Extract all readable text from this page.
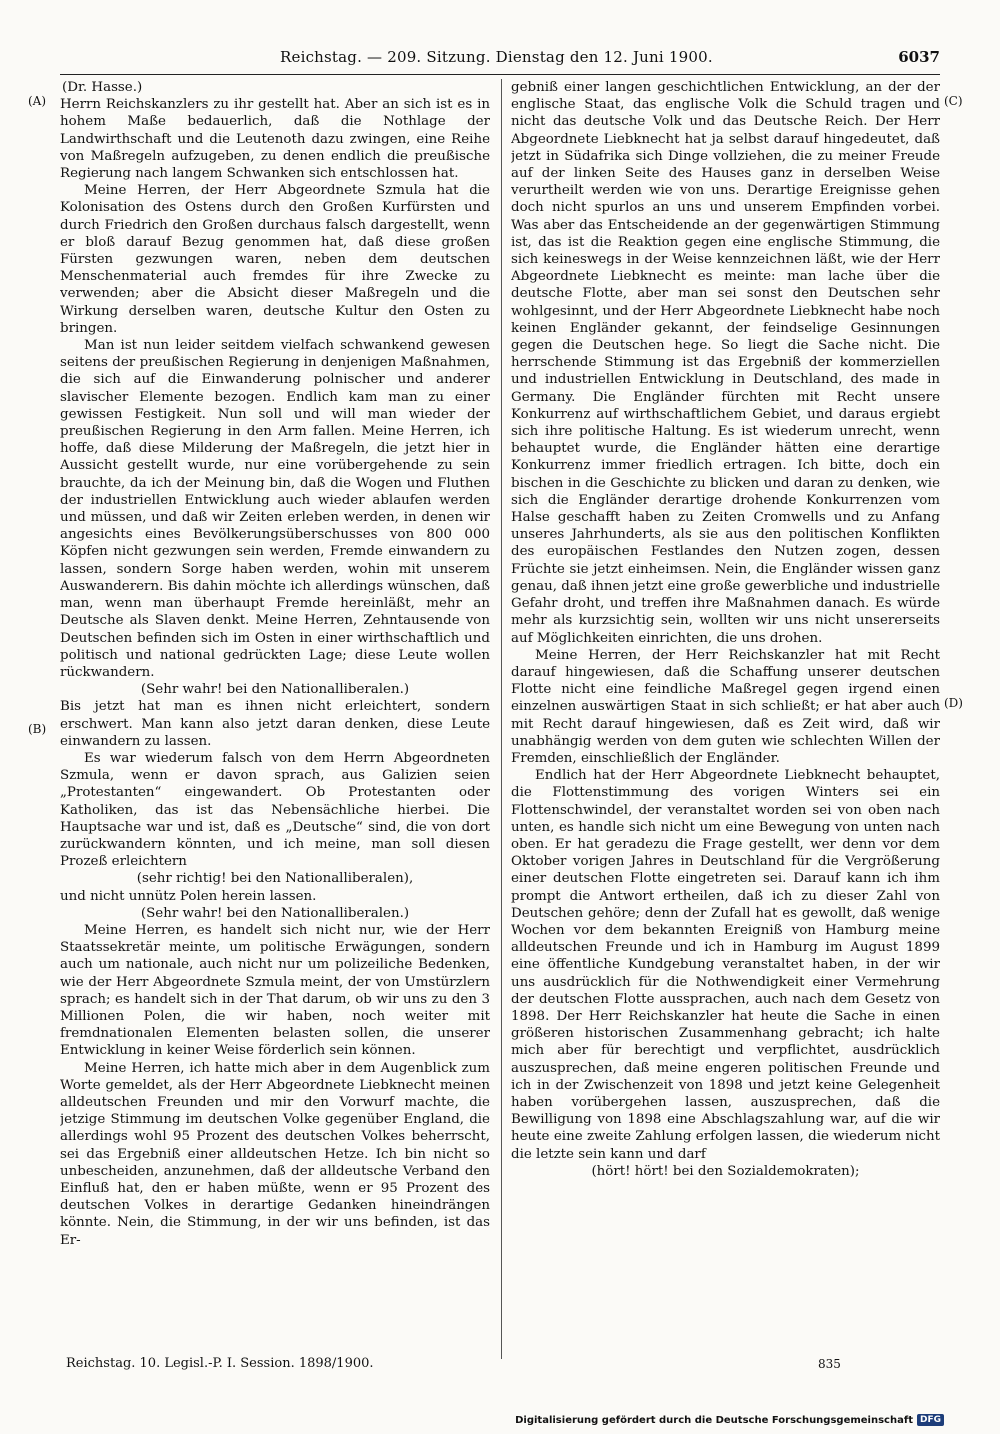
Reichstag. — 209. Sitzung. Dienstag den 12. Juni 1900.	6037
(A)
(B)
(C)
(D)
(Dr. Hasse.)

Herrn Reichskanzlers zu ihr gestellt hat. Aber an sich ist es in hohem Maße bedauerlich, daß die Nothlage der Landwirthschaft und die Leutenoth dazu zwingen, eine Reihe von Maßregeln aufzugeben, zu denen endlich die preußische Regierung nach langem Schwanken sich entschlossen hat.

Meine Herren, der Herr Abgeordnete Szmula hat die Kolonisation des Ostens durch den Großen Kurfürsten und durch Friedrich den Großen durchaus falsch dargestellt, wenn er bloß darauf Bezug genommen hat, daß diese großen Fürsten gezwungen waren, neben dem deutschen Menschenmaterial auch fremdes für ihre Zwecke zu verwenden; aber die Absicht dieser Maßregeln und die Wirkung derselben waren, deutsche Kultur den Osten zu bringen.

Man ist nun leider seitdem vielfach schwankend gewesen seitens der preußischen Regierung in denjenigen Maßnahmen, die sich auf die Einwanderung polnischer und anderer slavischer Elemente bezogen. Endlich kam man zu einer gewissen Festigkeit. Nun soll und will man wieder der preußischen Regierung in den Arm fallen. Meine Herren, ich hoffe, daß diese Milderung der Maßregeln, die jetzt hier in Aussicht gestellt wurde, nur eine vorübergehende zu sein brauchte, da ich der Meinung bin, daß die Wogen und Fluthen der industriellen Entwicklung auch wieder ablaufen werden und müssen, und daß wir Zeiten erleben werden, in denen wir angesichts eines Bevölkerungsüberschusses von 800 000 Köpfen nicht gezwungen sein werden, Fremde einwandern zu lassen, sondern Sorge haben werden, wohin mit unserem Auswanderern. Bis dahin möchte ich allerdings wünschen, daß man, wenn man überhaupt Fremde hereinläßt, mehr an Deutsche als Slaven denkt. Meine Herren, Zehntausende von Deutschen befinden sich im Osten in einer wirthschaftlich und politisch und national gedrückten Lage; diese Leute wollen rückwandern.

(Sehr wahr! bei den Nationalliberalen.)

Bis jetzt hat man es ihnen nicht erleichtert, sondern erschwert. Man kann also jetzt daran denken, diese Leute einwandern zu lassen.

Es war wiederum falsch von dem Herrn Abgeordneten Szmula, wenn er davon sprach, aus Galizien seien „Protestanten“ eingewandert. Ob Protestanten oder Katholiken, das ist das Nebensächliche hierbei. Die Hauptsache war und ist, daß es „Deutsche“ sind, die von dort zurückwandern könnten, und ich meine, man soll diesen Prozeß erleichtern

(sehr richtig! bei den Nationalliberalen),

und nicht unnütz Polen herein lassen.

(Sehr wahr! bei den Nationalliberalen.)

Meine Herren, es handelt sich nicht nur, wie der Herr Staatssekretär meinte, um politische Erwägungen, sondern auch um nationale, auch nicht nur um polizeiliche Bedenken, wie der Herr Abgeordnete Szmula meint, der von Umstürzlern sprach; es handelt sich in der That darum, ob wir uns zu den 3 Millionen Polen, die wir haben, noch weiter mit fremdnationalen Elementen belasten sollen, die unserer Entwicklung in keiner Weise förderlich sein können.

Meine Herren, ich hatte mich aber in dem Augenblick zum Worte gemeldet, als der Herr Abgeordnete Liebknecht meinen alldeutschen Freunden und mir den Vorwurf machte, die jetzige Stimmung im deutschen Volke gegenüber England, die allerdings wohl 95 Prozent des deutschen Volkes beherrscht, sei das Ergebniß einer alldeutschen Hetze. Ich bin nicht so unbescheiden, anzunehmen, daß der alldeutsche Verband den Einfluß hat, den er haben müßte, wenn er 95 Prozent des deutschen Volkes in derartige Gedanken hineindrängen könnte. Nein, die Stimmung, in der wir uns befinden, ist das Er-

gebniß einer langen geschichtlichen Entwicklung, an der der englische Staat, das englische Volk die Schuld tragen und nicht das deutsche Volk und das Deutsche Reich. Der Herr Abgeordnete Liebknecht hat ja selbst darauf hingedeutet, daß jetzt in Südafrika sich Dinge vollziehen, die zu meiner Freude auf der linken Seite des Hauses ganz in derselben Weise verurtheilt werden wie von uns. Derartige Ereignisse gehen doch nicht spurlos an uns und unserem Empfinden vorbei. Was aber das Entscheidende an der gegenwärtigen Stimmung ist, das ist die Reaktion gegen eine englische Stimmung, die sich keineswegs in der Weise kennzeichnen läßt, wie der Herr Abgeordnete Liebknecht es meinte: man lache über die deutsche Flotte, aber man sei sonst den Deutschen sehr wohlgesinnt, und der Herr Abgeordnete Liebknecht habe noch keinen Engländer gekannt, der feindselige Gesinnungen gegen die Deutschen hege. So liegt die Sache nicht. Die herrschende Stimmung ist das Ergebniß der kommerziellen und industriellen Entwicklung in Deutschland, des made in Germany. Die Engländer fürchten mit Recht unsere Konkurrenz auf wirthschaftlichem Gebiet, und daraus ergiebt sich ihre politische Haltung. Es ist wiederum unrecht, wenn behauptet wurde, die Engländer hätten eine derartige Konkurrenz immer friedlich ertragen. Ich bitte, doch ein bischen in die Geschichte zu blicken und daran zu denken, wie sich die Engländer derartige drohende Konkurrenzen vom Halse geschafft haben zu Zeiten Cromwells und zu Anfang unseres Jahrhunderts, als sie aus den politischen Konflikten des europäischen Festlandes den Nutzen zogen, dessen Früchte sie jetzt einheimsen. Nein, die Engländer wissen ganz genau, daß ihnen jetzt eine große gewerbliche und industrielle Gefahr droht, und treffen ihre Maßnahmen danach. Es würde mehr als kurzsichtig sein, wollten wir uns nicht unsererseits auf Möglichkeiten einrichten, die uns drohen.

Meine Herren, der Herr Reichskanzler hat mit Recht darauf hingewiesen, daß die Schaffung unserer deutschen Flotte nicht eine feindliche Maßregel gegen irgend einen einzelnen auswärtigen Staat in sich schließt; er hat aber auch mit Recht darauf hingewiesen, daß es Zeit wird, daß wir unabhängig werden von dem guten wie schlechten Willen der Fremden, einschließlich der Engländer.

Endlich hat der Herr Abgeordnete Liebknecht behauptet, die Flottenstimmung des vorigen Winters sei ein Flottenschwindel, der veranstaltet worden sei von oben nach unten, es handle sich nicht um eine Bewegung von unten nach oben. Er hat geradezu die Frage gestellt, wer denn vor dem Oktober vorigen Jahres in Deutschland für die Vergrößerung einer deutschen Flotte eingetreten sei. Darauf kann ich ihm prompt die Antwort ertheilen, daß ich zu dieser Zahl von Deutschen gehöre; denn der Zufall hat es gewollt, daß wenige Wochen vor dem bekannten Ereigniß von Hamburg meine alldeutschen Freunde und ich in Hamburg im August 1899 eine öffentliche Kundgebung veranstaltet haben, in der wir uns ausdrücklich für die Nothwendigkeit einer Vermehrung der deutschen Flotte aussprachen, auch nach dem Gesetz von 1898. Der Herr Reichskanzler hat heute die Sache in einen größeren historischen Zusammenhang gebracht; ich halte mich aber für berechtigt und verpflichtet, ausdrücklich auszusprechen, daß meine engeren politischen Freunde und ich in der Zwischenzeit von 1898 und jetzt keine Gelegenheit haben vorübergehen lassen, auszusprechen, daß die Bewilligung von 1898 eine Abschlagszahlung war, auf die wir heute eine zweite Zahlung erfolgen lassen, die wiederum nicht die letzte sein kann und darf

(hört! hört! bei den Sozialdemokraten);

Reichstag. 10. Legisl.-P. I. Session. 1898/1900.	835
Digitalisierung gefördert durch die Deutsche Forschungsgemeinschaft DFG
